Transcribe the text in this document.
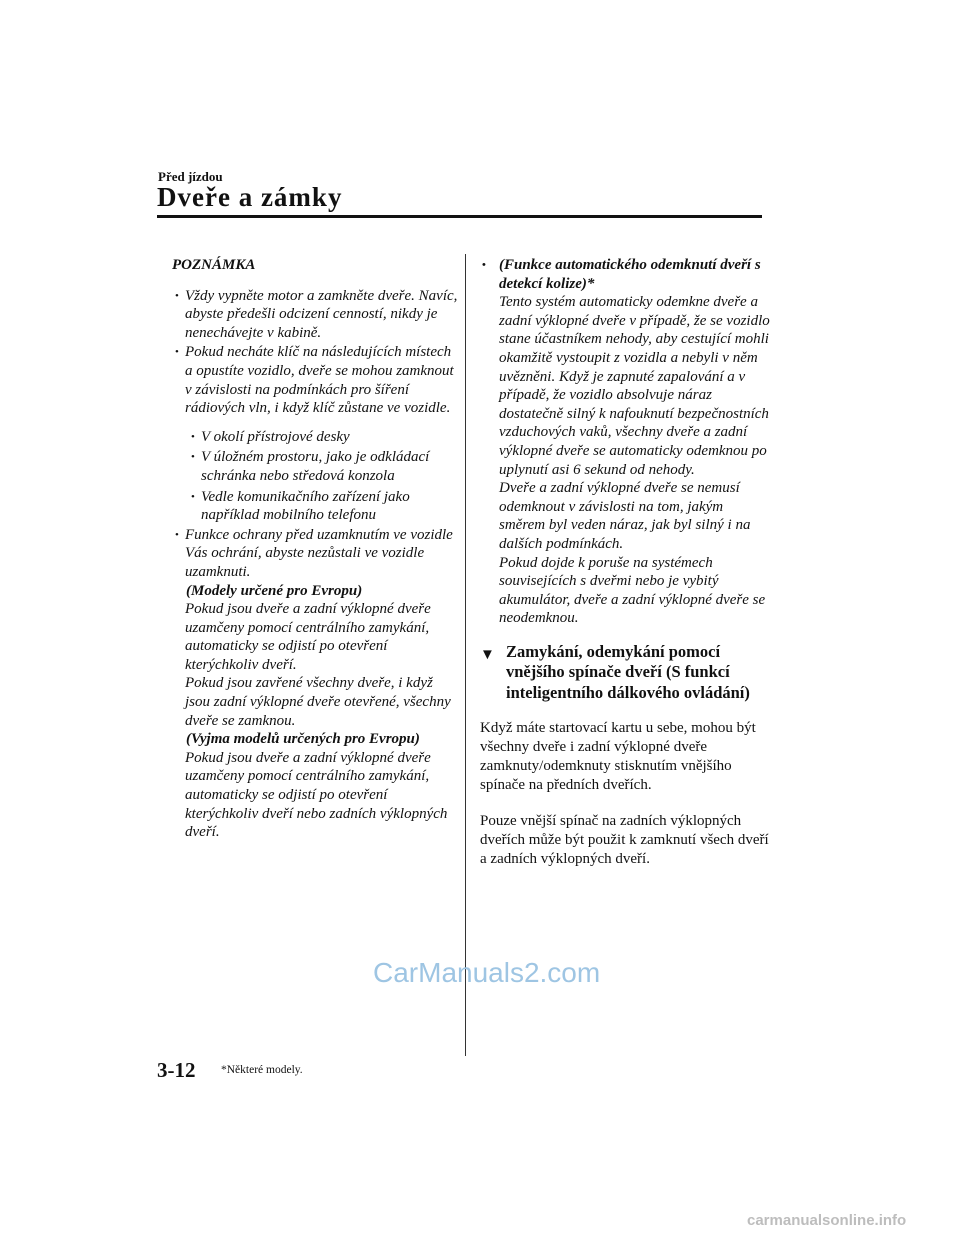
Před jízdou
Dveře a zámky
POZNÁMKA
• Vždy vypněte motor a zamkněte dveře. Navíc, abyste předešli odcizení cenností, nikdy je nenechávejte v kabině.
• Pokud necháte klíč na následujících místech a opustíte vozidlo, dveře se mohou zamknout v závislosti na podmínkách pro šíření rádiových vln, i když klíč zůstane ve vozidle.
• V okolí přístrojové desky
• V úložném prostoru, jako je odkládací schránka nebo středová konzola
• Vedle komunikačního zařízení jako například mobilního telefonu
• Funkce ochrany před uzamknutím ve vozidle Vás ochrání, abyste nezůstali ve vozidle uzamknuti.
(Modely určené pro Evropu)
Pokud jsou dveře a zadní výklopné dveře uzamčeny pomocí centrálního zamykání, automaticky se odjistí po otevření kterýchkoliv dveří.
Pokud jsou zavřené všechny dveře, i když jsou zadní výklopné dveře otevřené, všechny dveře se zamknou.
(Vyjma modelů určených pro Evropu)
Pokud jsou dveře a zadní výklopné dveře uzamčeny pomocí centrálního zamykání, automaticky se odjistí po otevření kterýchkoliv dveří nebo zadních výklopných dveří.
• (Funkce automatického odemknutí dveří s detekcí kolize)*
Tento systém automaticky odemkne dveře a zadní výklopné dveře v případě, že se vozidlo stane účastníkem nehody, aby cestující mohli okamžitě vystoupit z vozidla a nebyli v něm uvězněni. Když je zapnuté zapalování a v případě, že vozidlo absolvuje náraz dostatečně silný k nafouknutí bezpečnostních vzduchových vaků, všechny dveře a zadní výklopné dveře se automaticky odemknou po uplynutí asi 6 sekund od nehody.
Dveře a zadní výklopné dveře se nemusí odemknout v závislosti na tom, jakým směrem byl veden náraz, jak byl silný i na dalších podmínkách.
Pokud dojde k poruše na systémech souvisejících s dveřmi nebo je vybitý akumulátor, dveře a zadní výklopné dveře se neodemknou.
▼ Zamykání, odemykání pomocí vnějšího spínače dveří (S funkcí inteligentního dálkového ovládání)
Když máte startovací kartu u sebe, mohou být všechny dveře i zadní výklopné dveře zamknuty/odemknuty stisknutím vnějšího spínače na předních dveřích.
Pouze vnější spínač na zadních výklopných dveřích může být použit k zamknutí všech dveří a zadních výklopných dveří.
CarManuals2.com
3-12 *Některé modely.
carmanualsonline.info
